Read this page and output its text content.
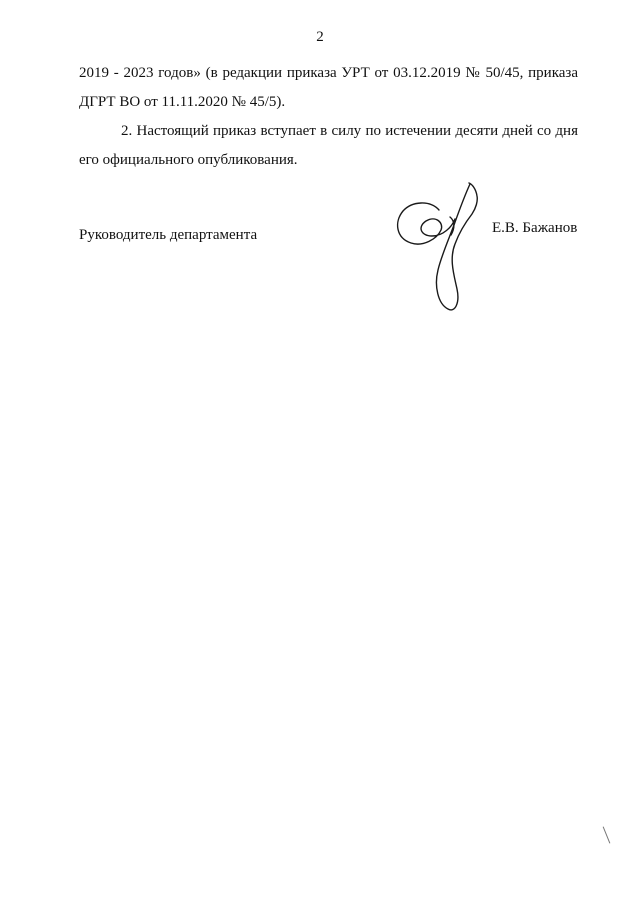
2
2019 - 2023 годов» (в редакции приказа УРТ от 03.12.2019 № 50/45, приказа
ДГРТ ВО от 11.11.2020 № 45/5).
2. Настоящий приказ вступает в силу по истечении десяти дней со дня
его официального опубликования.
Руководитель департамента	Е.В. Бажанов
